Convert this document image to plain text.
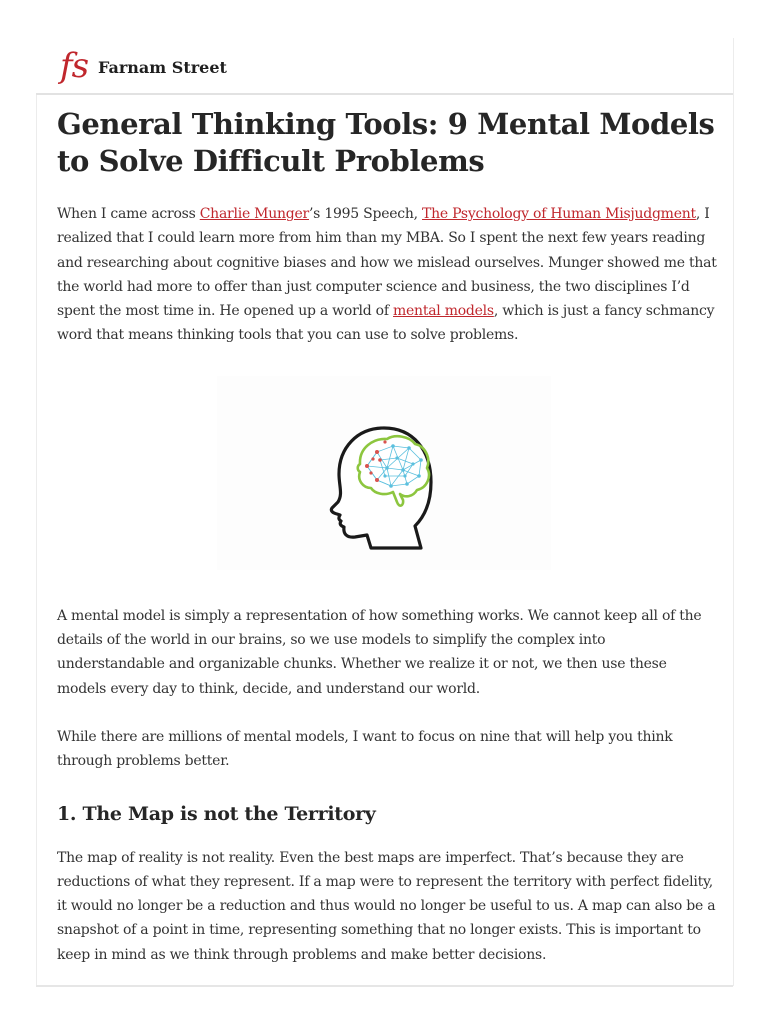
fs Farnam Street
General Thinking Tools: 9 Mental Models to Solve Difficult Problems

When I came across Charlie Munger’s 1995 Speech, The Psychology of Human Misjudgment, I realized that I could learn more from him than my MBA. So I spent the next few years reading and researching about cognitive biases and how we mislead ourselves. Munger showed me that the world had more to offer than just computer science and business, the two disciplines I’d spent the most time in. He opened up a world of mental models, which is just a fancy schmancy word that means thinking tools that you can use to solve problems.

A mental model is simply a representation of how something works. We cannot keep all of the details of the world in our brains, so we use models to simplify the complex into understandable and organizable chunks. Whether we realize it or not, we then use these models every day to think, decide, and understand our world.

While there are millions of mental models, I want to focus on nine that will help you think through problems better.

1. The Map is not the Territory

The map of reality is not reality. Even the best maps are imperfect. That’s because they are reductions of what they represent. If a map were to represent the territory with perfect fidelity, it would no longer be a reduction and thus would no longer be useful to us. A map can also be a snapshot of a point in time, representing something that no longer exists. This is important to keep in mind as we think through problems and make better decisions.
